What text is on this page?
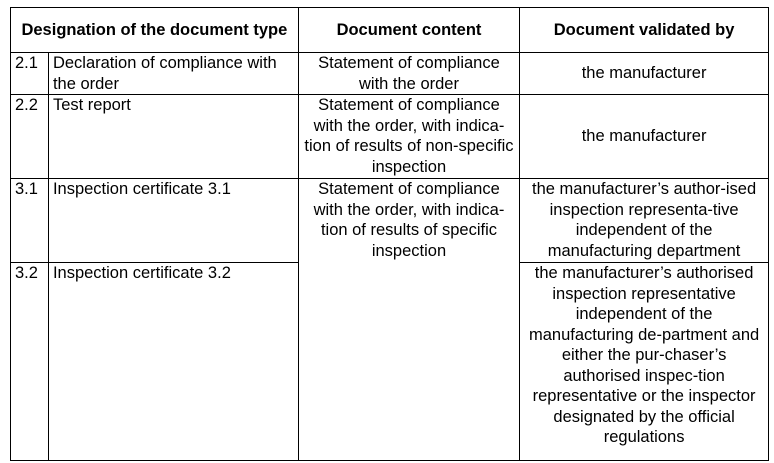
Designation of the document type		Document content	Document validated by
2.1	Declaration of compliance with the order	Statement of compliance with the order	the manufacturer
2.2	Test report	Statement of compliance with the order, with indica-tion of results of non-specific inspection	the manufacturer
3.1	Inspection certificate 3.1	Statement of compliance with the order, with indica-tion of results of specific inspection	the manufacturer’s author-ised inspection representa-tive independent of the manufacturing department
3.2	Inspection certificate 3.2		the manufacturer’s authorised inspection representative independent of the manufacturing de-partment and either the pur-chaser’s authorised inspec-tion representative or the inspector designated by the official regulations
